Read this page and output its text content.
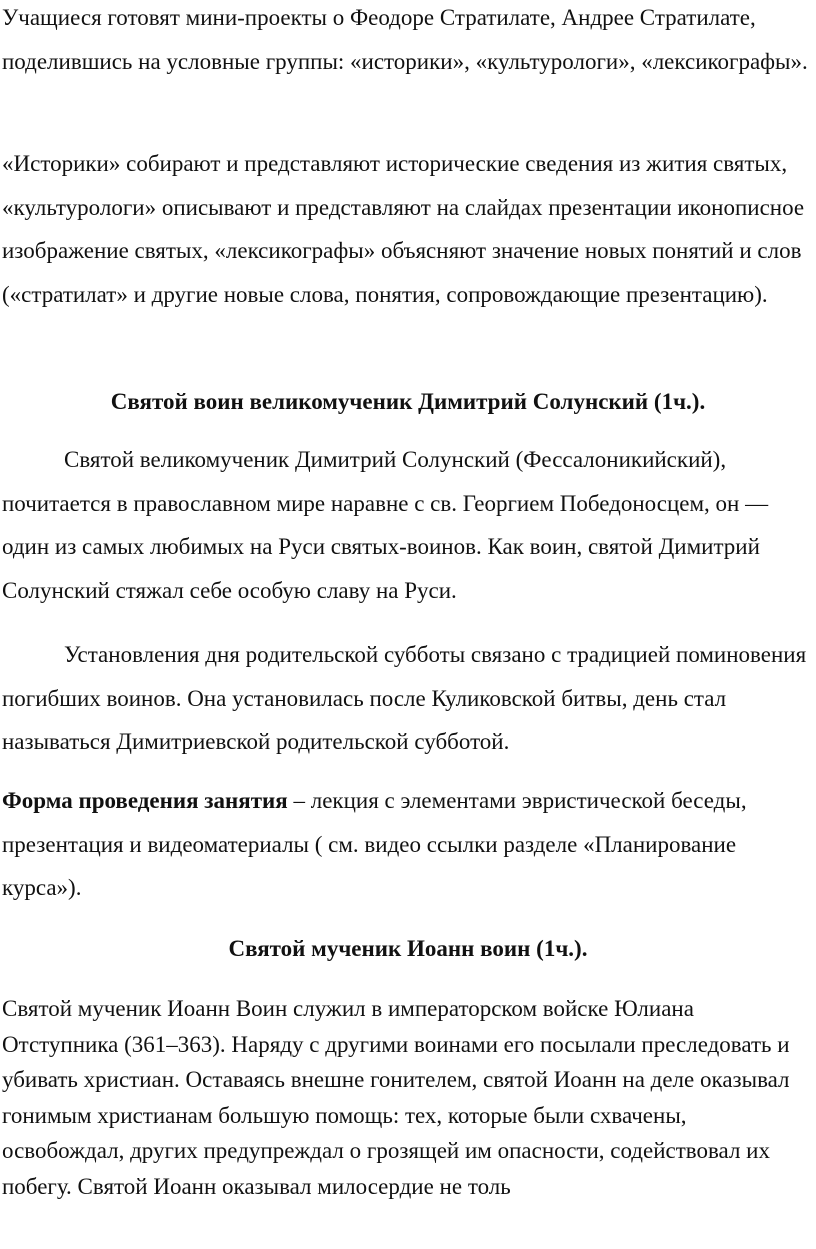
Учащиеся готовят мини-проекты о Феодоре Стратилате, Андрее Стратилате, поделившись на условные группы: «историки», «культурологи», «лексикографы».

«Историки» собирают и представляют исторические сведения из жития святых, «культурологи» описывают и представляют на слайдах презентации иконописное изображение святых, «лексикографы» объясняют значение новых понятий и слов («стратилат» и другие новые слова, понятия, сопровождающие презентацию).

Святой воин великомученик Димитрий Солунский (1ч.).

Святой великомученик Димитрий Солунский (Фессалоникийский), почитается в православном мире наравне с св. Георгием Победоносцем, он — один из самых любимых на Руси святых-воинов. Как воин, святой Димитрий Солунский стяжал себе особую славу на Руси.

Установления дня родительской субботы связано с традицией поминовения погибших воинов. Она установилась после Куликовской битвы, день стал называться Димитриевской родительской субботой.

Форма проведения занятия – лекция с элементами эвристической беседы, презентация и видеоматериалы ( см. видео ссылки разделе «Планирование курса»).

Святой мученик Иоанн воин (1ч.).

Святой мученик Иоанн Воин служил в императорском войске Юлиана Отступника (361–363). Наряду с другими воинами его посылали преследовать и убивать христиан. Оставаясь внешне гонителем, святой Иоанн на деле оказывал гонимым христианам большую помощь: тех, которые были схвачены, освобождал, других предупреждал о грозящей им опасности, содействовал их побегу. Святой Иоанн оказывал милосердие не толь
